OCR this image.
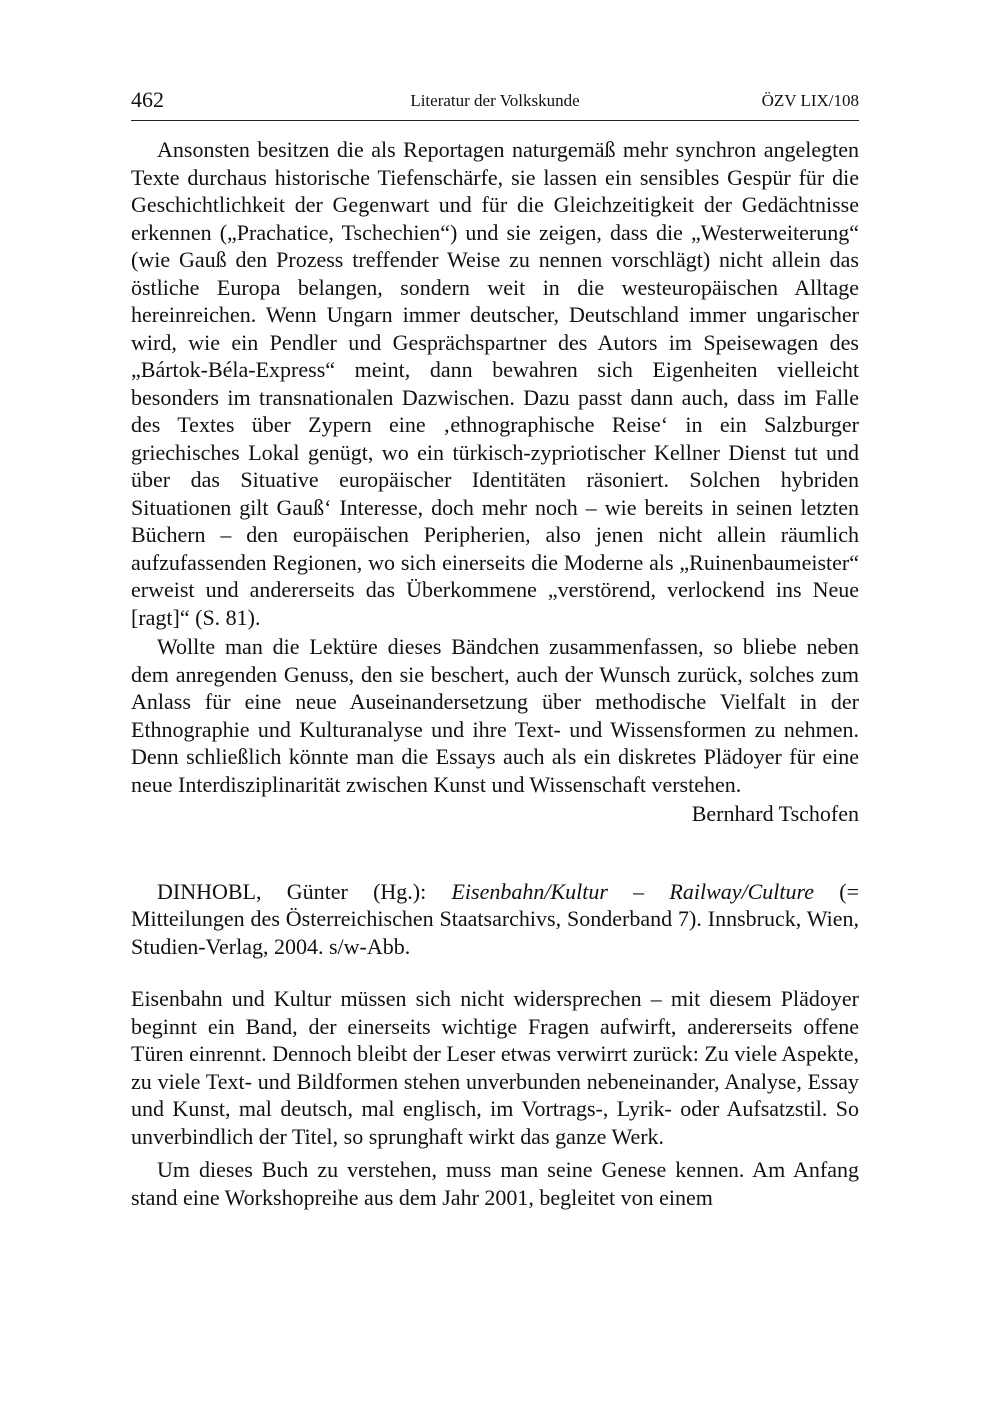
462	Literatur der Volkskunde	ÖZV LIX/108

Ansonsten besitzen die als Reportagen naturgemäß mehr synchron angelegten Texte durchaus historische Tiefenschärfe, sie lassen ein sensibles Gespür für die Geschichtlichkeit der Gegenwart und für die Gleichzeitigkeit der Gedächtnisse erkennen („Prachatice, Tschechien“) und sie zeigen, dass die „Westerweiterung“ (wie Gauß den Prozess treffender Weise zu nennen vorschlägt) nicht allein das östliche Europa belangen, sondern weit in die westeuropäischen Alltage hereinreichen. Wenn Ungarn immer deutscher, Deutschland immer ungarischer wird, wie ein Pendler und Gesprächspartner des Autors im Speisewagen des „Bártok-Béla-Express“ meint, dann bewahren sich Eigenheiten vielleicht besonders im transnationalen Dazwischen. Dazu passt dann auch, dass im Falle des Textes über Zypern eine ‚ethnographische Reise‘ in ein Salzburger griechisches Lokal genügt, wo ein türkisch-zypriotischer Kellner Dienst tut und über das Situative europäischer Identitäten räsoniert. Solchen hybriden Situationen gilt Gauß‘ Interesse, doch mehr noch – wie bereits in seinen letzten Büchern – den europäischen Peripherien, also jenen nicht allein räumlich aufzufassenden Regionen, wo sich einerseits die Moderne als „Ruinenbaumeister“ erweist und andererseits das Überkommene „verstörend, verlockend ins Neue [ragt]“ (S. 81).

Wollte man die Lektüre dieses Bändchen zusammenfassen, so bliebe neben dem anregenden Genuss, den sie beschert, auch der Wunsch zurück, solches zum Anlass für eine neue Auseinandersetzung über methodische Vielfalt in der Ethnographie und Kulturanalyse und ihre Text- und Wissensformen zu nehmen. Denn schließlich könnte man die Essays auch als ein diskretes Plädoyer für eine neue Interdisziplinarität zwischen Kunst und Wissenschaft verstehen.

Bernhard Tschofen

DINHOBL, Günter (Hg.): Eisenbahn/Kultur – Railway/Culture (= Mitteilungen des Österreichischen Staatsarchivs, Sonderband 7). Innsbruck, Wien, Studien-Verlag, 2004. s/w-Abb.

Eisenbahn und Kultur müssen sich nicht widersprechen – mit diesem Plädoyer beginnt ein Band, der einerseits wichtige Fragen aufwirft, andererseits offene Türen einrennt. Dennoch bleibt der Leser etwas verwirrt zurück: Zu viele Aspekte, zu viele Text- und Bildformen stehen unverbunden nebeneinander, Analyse, Essay und Kunst, mal deutsch, mal englisch, im Vortrags-, Lyrik- oder Aufsatzstil. So unverbindlich der Titel, so sprunghaft wirkt das ganze Werk.

Um dieses Buch zu verstehen, muss man seine Genese kennen. Am Anfang stand eine Workshopreihe aus dem Jahr 2001, begleitet von einem
